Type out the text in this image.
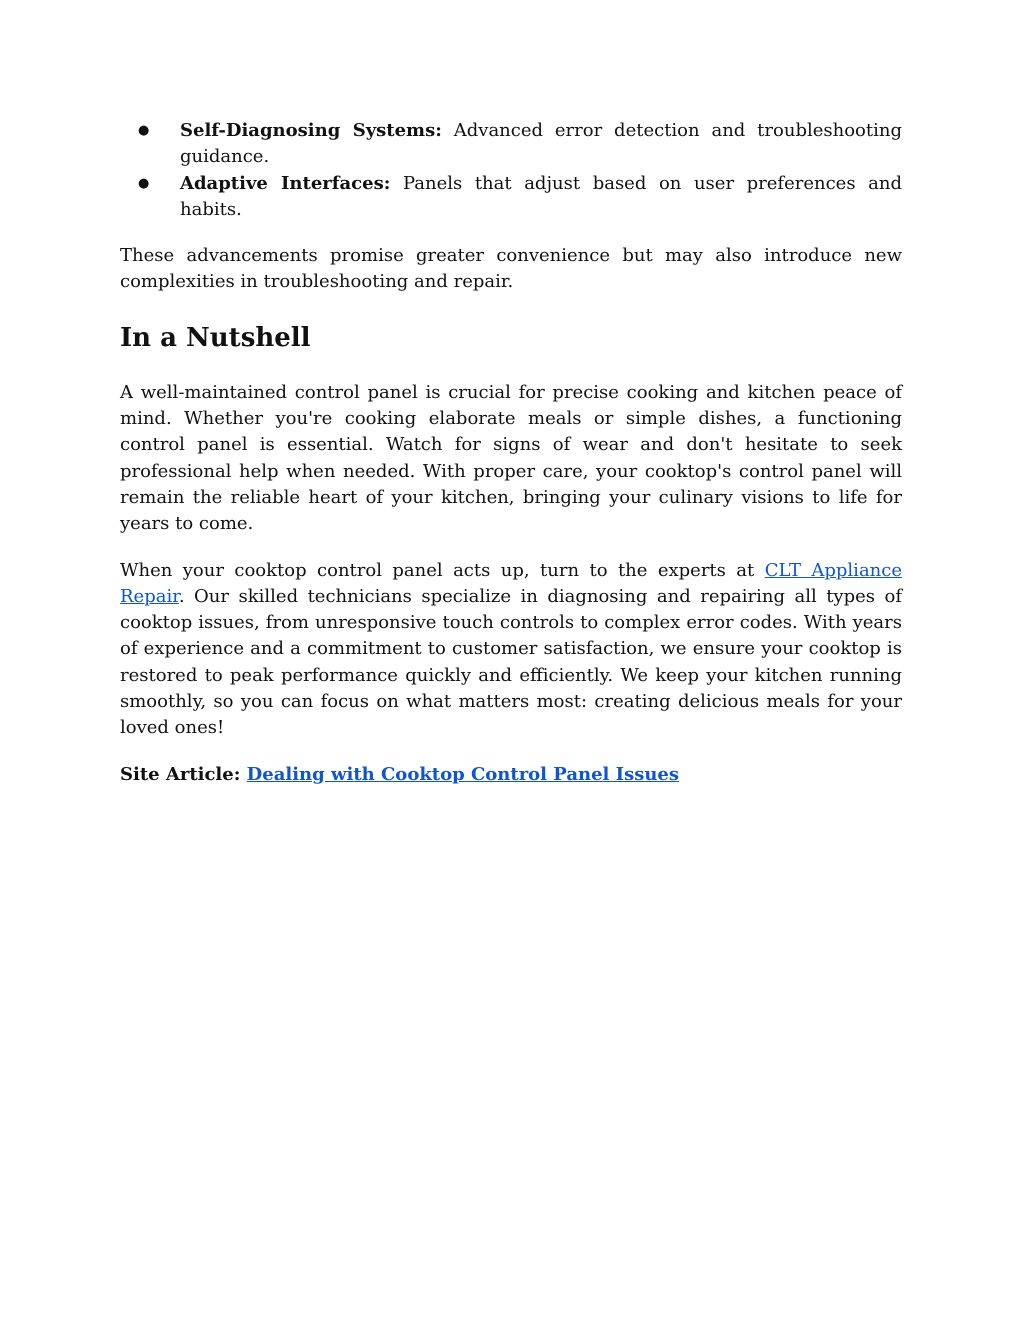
● Self-Diagnosing Systems: Advanced error detection and troubleshooting guidance.
● Adaptive Interfaces: Panels that adjust based on user preferences and habits.

These advancements promise greater convenience but may also introduce new complexities in troubleshooting and repair.

In a Nutshell

A well-maintained control panel is crucial for precise cooking and kitchen peace of mind. Whether you're cooking elaborate meals or simple dishes, a functioning control panel is essential. Watch for signs of wear and don't hesitate to seek professional help when needed. With proper care, your cooktop's control panel will remain the reliable heart of your kitchen, bringing your culinary visions to life for years to come.

When your cooktop control panel acts up, turn to the experts at CLT Appliance Repair. Our skilled technicians specialize in diagnosing and repairing all types of cooktop issues, from unresponsive touch controls to complex error codes. With years of experience and a commitment to customer satisfaction, we ensure your cooktop is restored to peak performance quickly and efficiently. We keep your kitchen running smoothly, so you can focus on what matters most: creating delicious meals for your loved ones!

Site Article: Dealing with Cooktop Control Panel Issues
